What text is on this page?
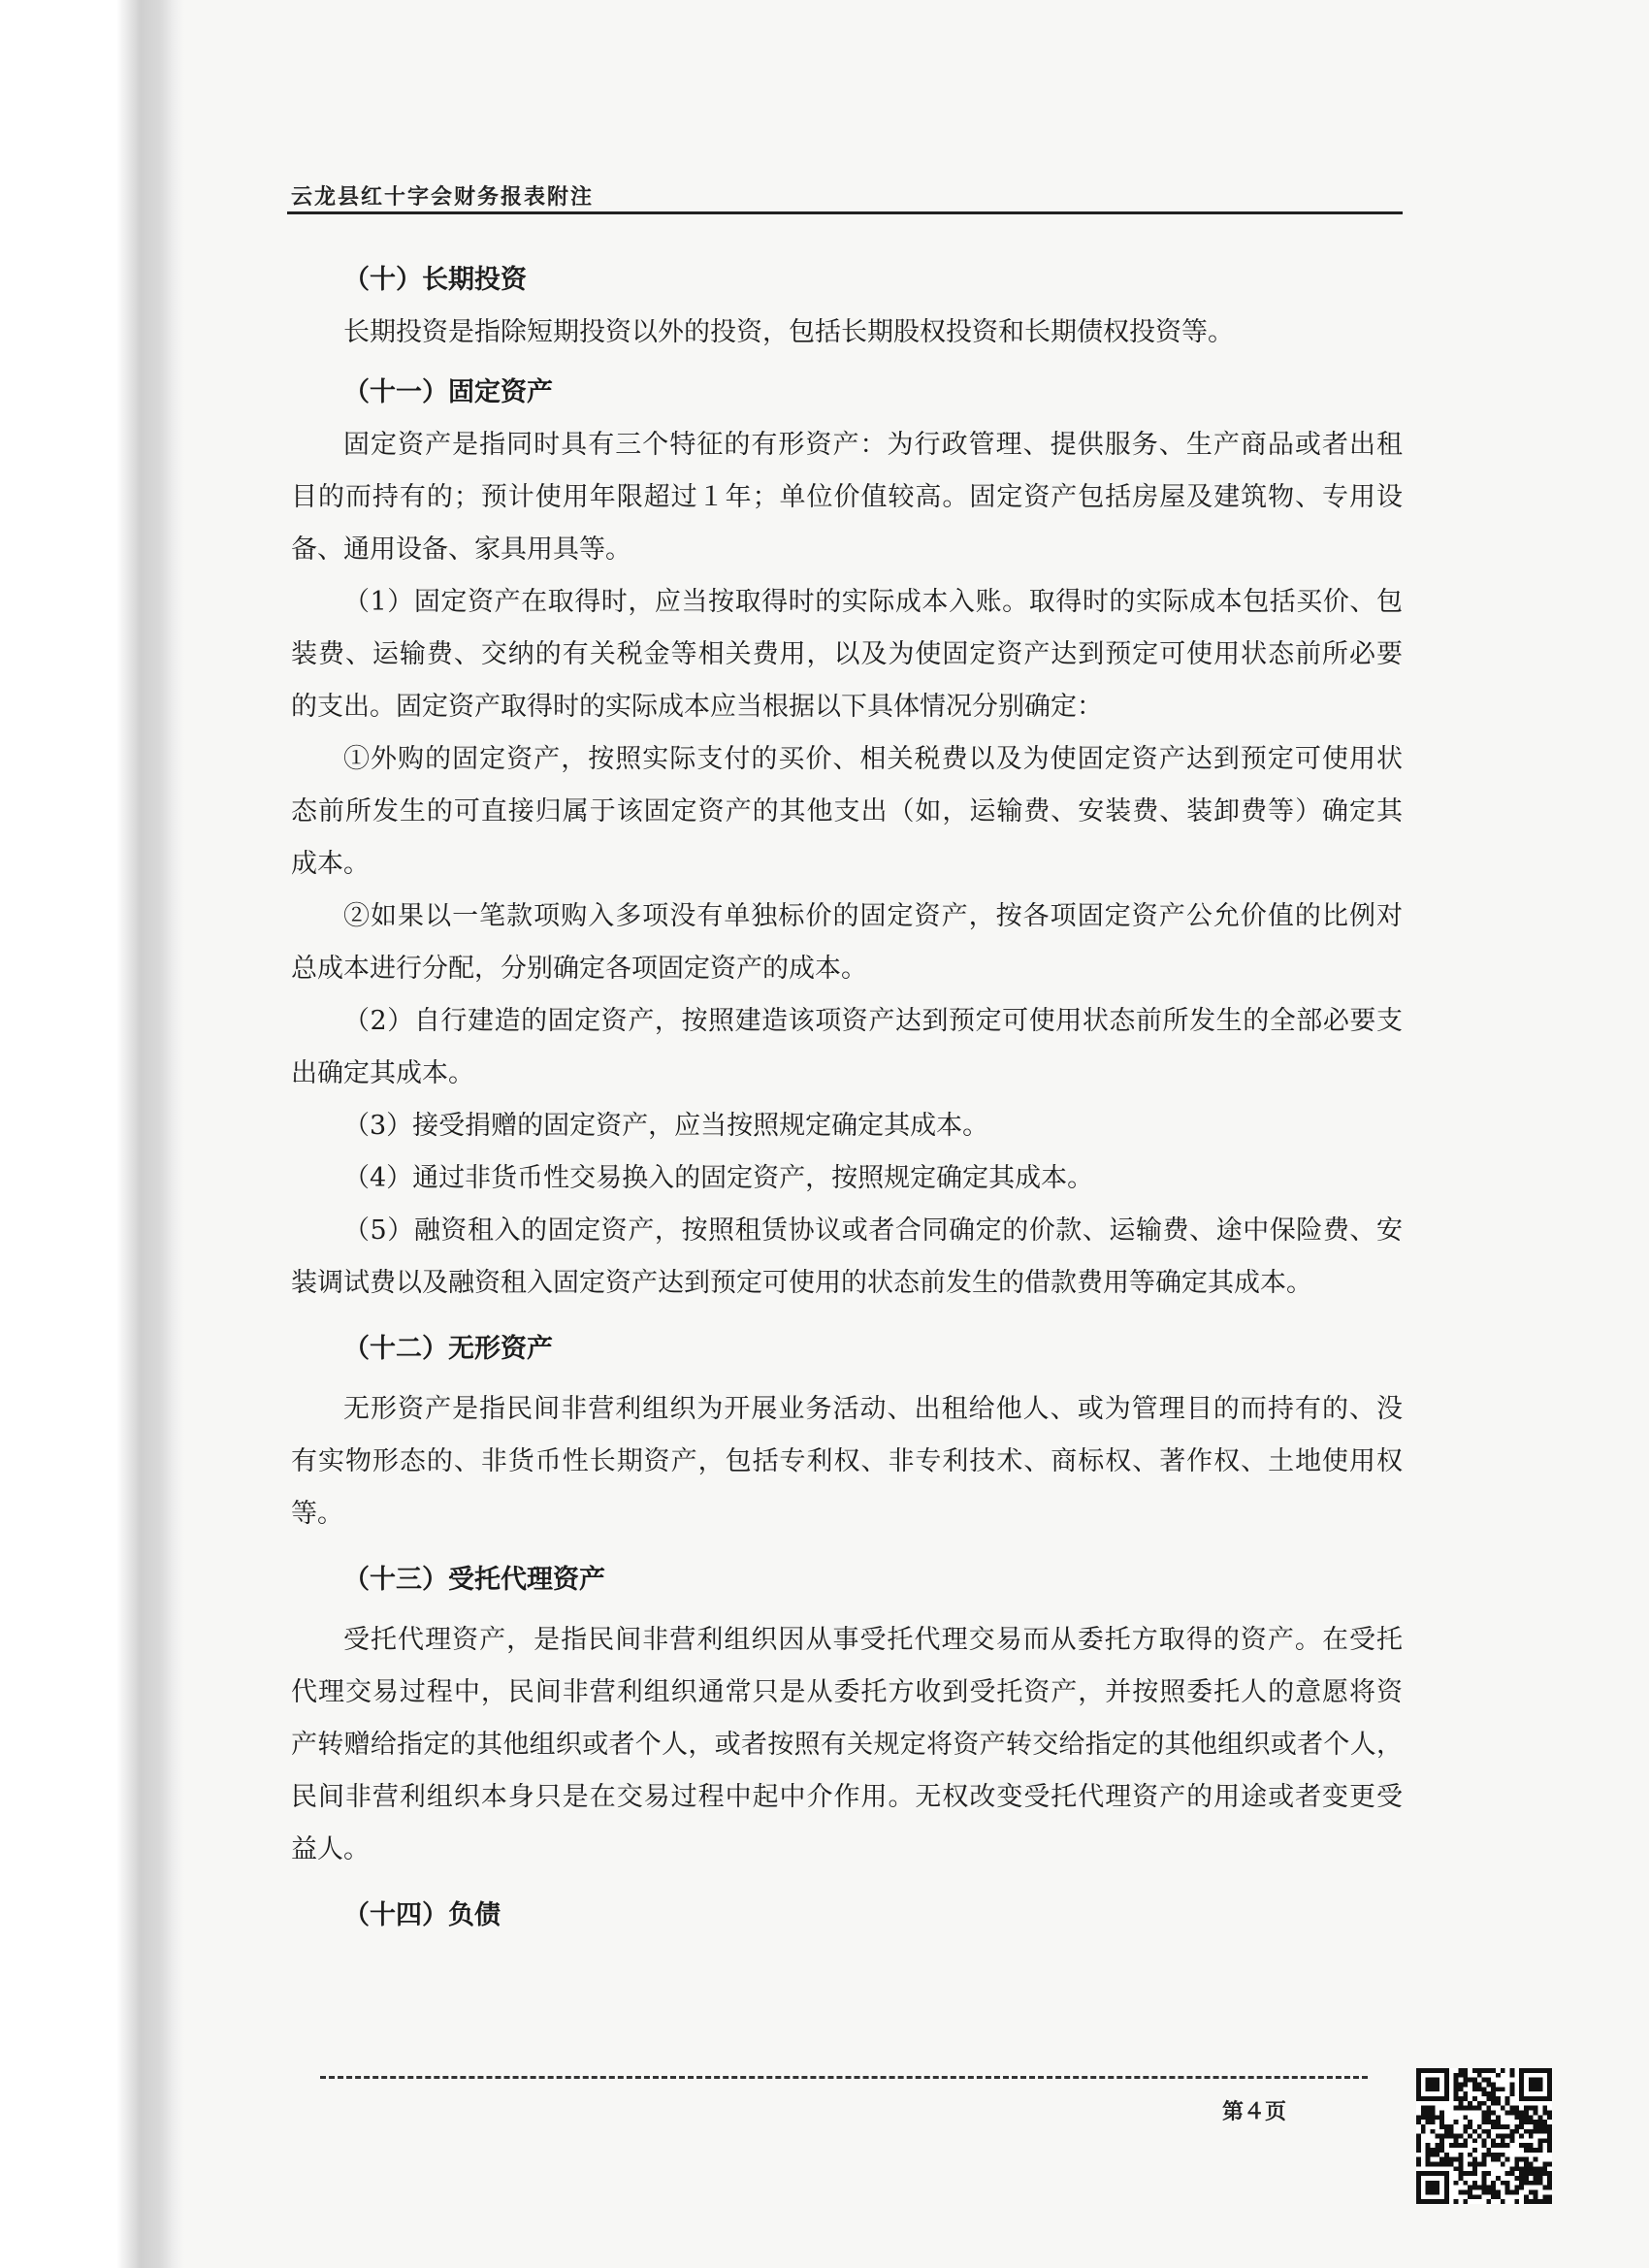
云龙县红十字会财务报表附注
（十）长期投资
长期投资是指除短期投资以外的投资，包括长期股权投资和长期债权投资等。
（十一）固定资产
固定资产是指同时具有三个特征的有形资产：为行政管理、提供服务、生产商品或者出租
目的而持有的；预计使用年限超过１年；单位价值较高。固定资产包括房屋及建筑物、专用设
备、通用设备、家具用具等。
（1）固定资产在取得时，应当按取得时的实际成本入账。取得时的实际成本包括买价、包
装费、运输费、交纳的有关税金等相关费用，以及为使固定资产达到预定可使用状态前所必要
的支出。固定资产取得时的实际成本应当根据以下具体情况分别确定：
①外购的固定资产，按照实际支付的买价、相关税费以及为使固定资产达到预定可使用状
态前所发生的可直接归属于该固定资产的其他支出（如，运输费、安装费、装卸费等）确定其
成本。
②如果以一笔款项购入多项没有单独标价的固定资产，按各项固定资产公允价值的比例对
总成本进行分配，分别确定各项固定资产的成本。
（2）自行建造的固定资产，按照建造该项资产达到预定可使用状态前所发生的全部必要支
出确定其成本。
（3）接受捐赠的固定资产，应当按照规定确定其成本。
（4）通过非货币性交易换入的固定资产，按照规定确定其成本。
（5）融资租入的固定资产，按照租赁协议或者合同确定的价款、运输费、途中保险费、安
装调试费以及融资租入固定资产达到预定可使用的状态前发生的借款费用等确定其成本。
（十二）无形资产
无形资产是指民间非营利组织为开展业务活动、出租给他人、或为管理目的而持有的、没
有实物形态的、非货币性长期资产，包括专利权、非专利技术、商标权、著作权、土地使用权
等。
（十三）受托代理资产
受托代理资产，是指民间非营利组织因从事受托代理交易而从委托方取得的资产。在受托
代理交易过程中，民间非营利组织通常只是从委托方收到受托资产，并按照委托人的意愿将资
产转赠给指定的其他组织或者个人，或者按照有关规定将资产转交给指定的其他组织或者个人，
民间非营利组织本身只是在交易过程中起中介作用。无权改变受托代理资产的用途或者变更受
益人。
（十四）负债
第４页
